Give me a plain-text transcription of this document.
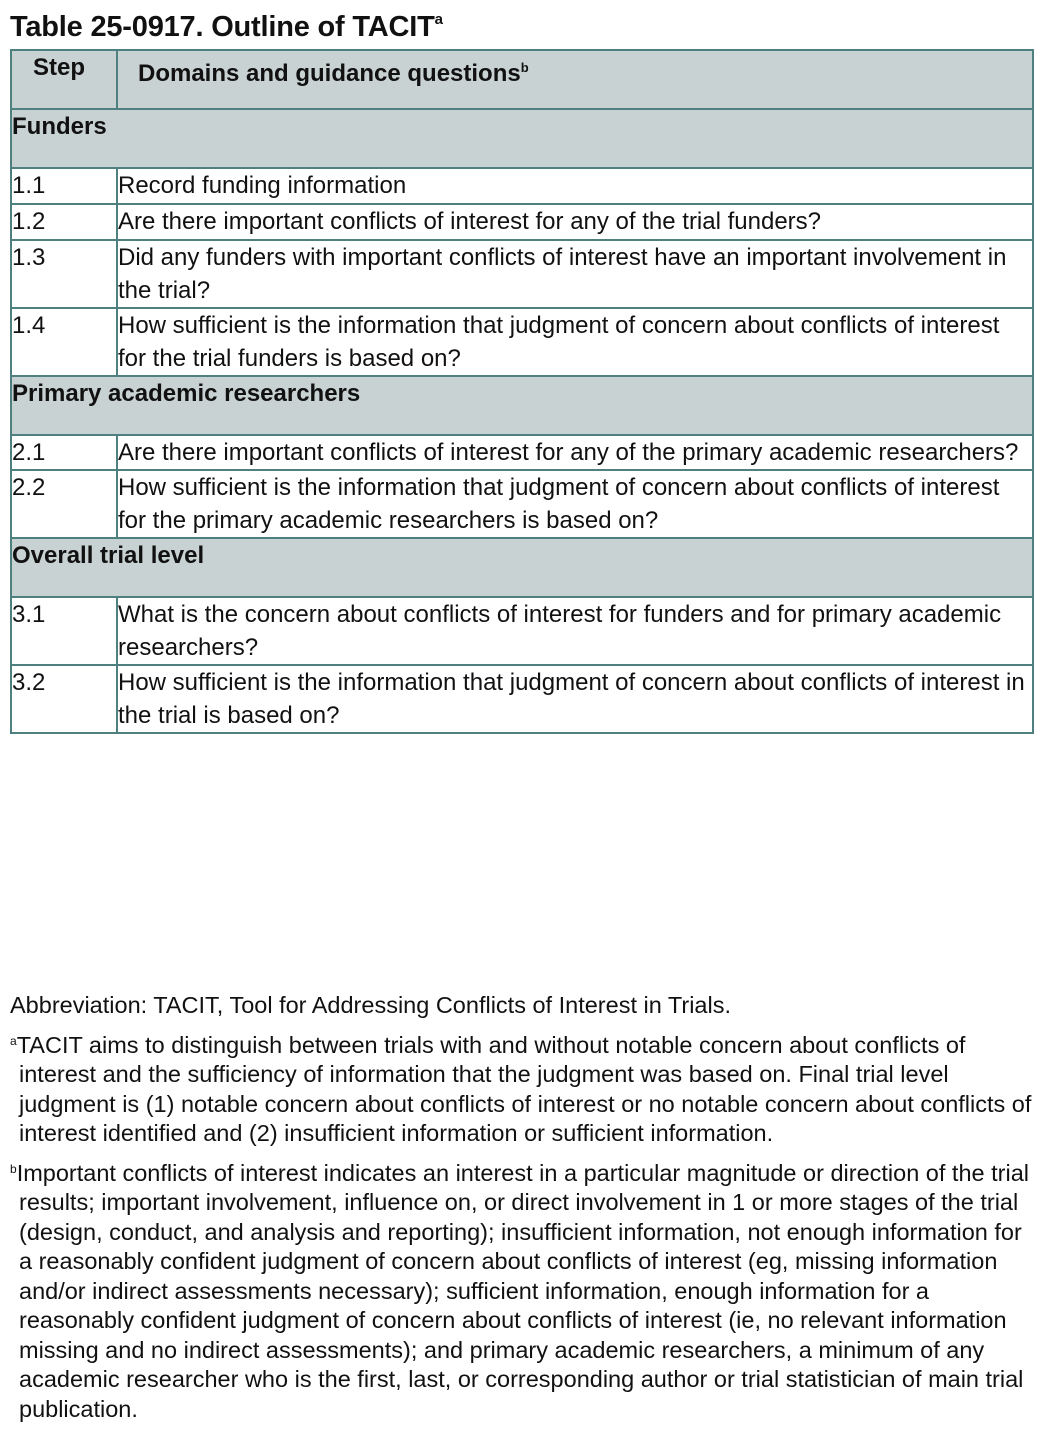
Table 25-0917. Outline of TACIT$^a$
Step	Domains and guidance questions$^b$
Funders	
1.1	Record funding information
1.2	Are there important conflicts of interest for any of the trial funders?
1.3	Did any funders with important conflicts of interest have an important involvement in the trial?
1.4	How sufficient is the information that judgment of concern about conflicts of interest for the trial funders is based on?
Primary academic researchers	
2.1	Are there important conflicts of interest for any of the primary academic researchers?
2.2	How sufficient is the information that judgment of concern about conflicts of interest for the primary academic researchers is based on?
Overall trial level	
3.1	What is the concern about conflicts of interest for funders and for primary academic researchers?
3.2	How sufficient is the information that judgment of concern about conflicts of interest in the trial is based on?

Abbreviation: TACIT, Tool for Addressing Conflicts of Interest in Trials.

$^a$TACIT aims to distinguish between trials with and without notable concern about conflicts of interest and the sufficiency of information that the judgment was based on. Final trial level judgment is (1) notable concern about conflicts of interest or no notable concern about conflicts of interest identified and (2) insufficient information or sufficient information.

$^b$Important conflicts of interest indicates an interest in a particular magnitude or direction of the trial results; important involvement, influence on, or direct involvement in 1 or more stages of the trial (design, conduct, and analysis and reporting); insufficient information, not enough information for a reasonably confident judgment of concern about conflicts of interest (eg, missing information and/or indirect assessments necessary); sufficient information, enough information for a reasonably confident judgment of concern about conflicts of interest (ie, no relevant information missing and no indirect assessments); and primary academic researchers, a minimum of any academic researcher who is the first, last, or corresponding author or trial statistician of main trial publication.
